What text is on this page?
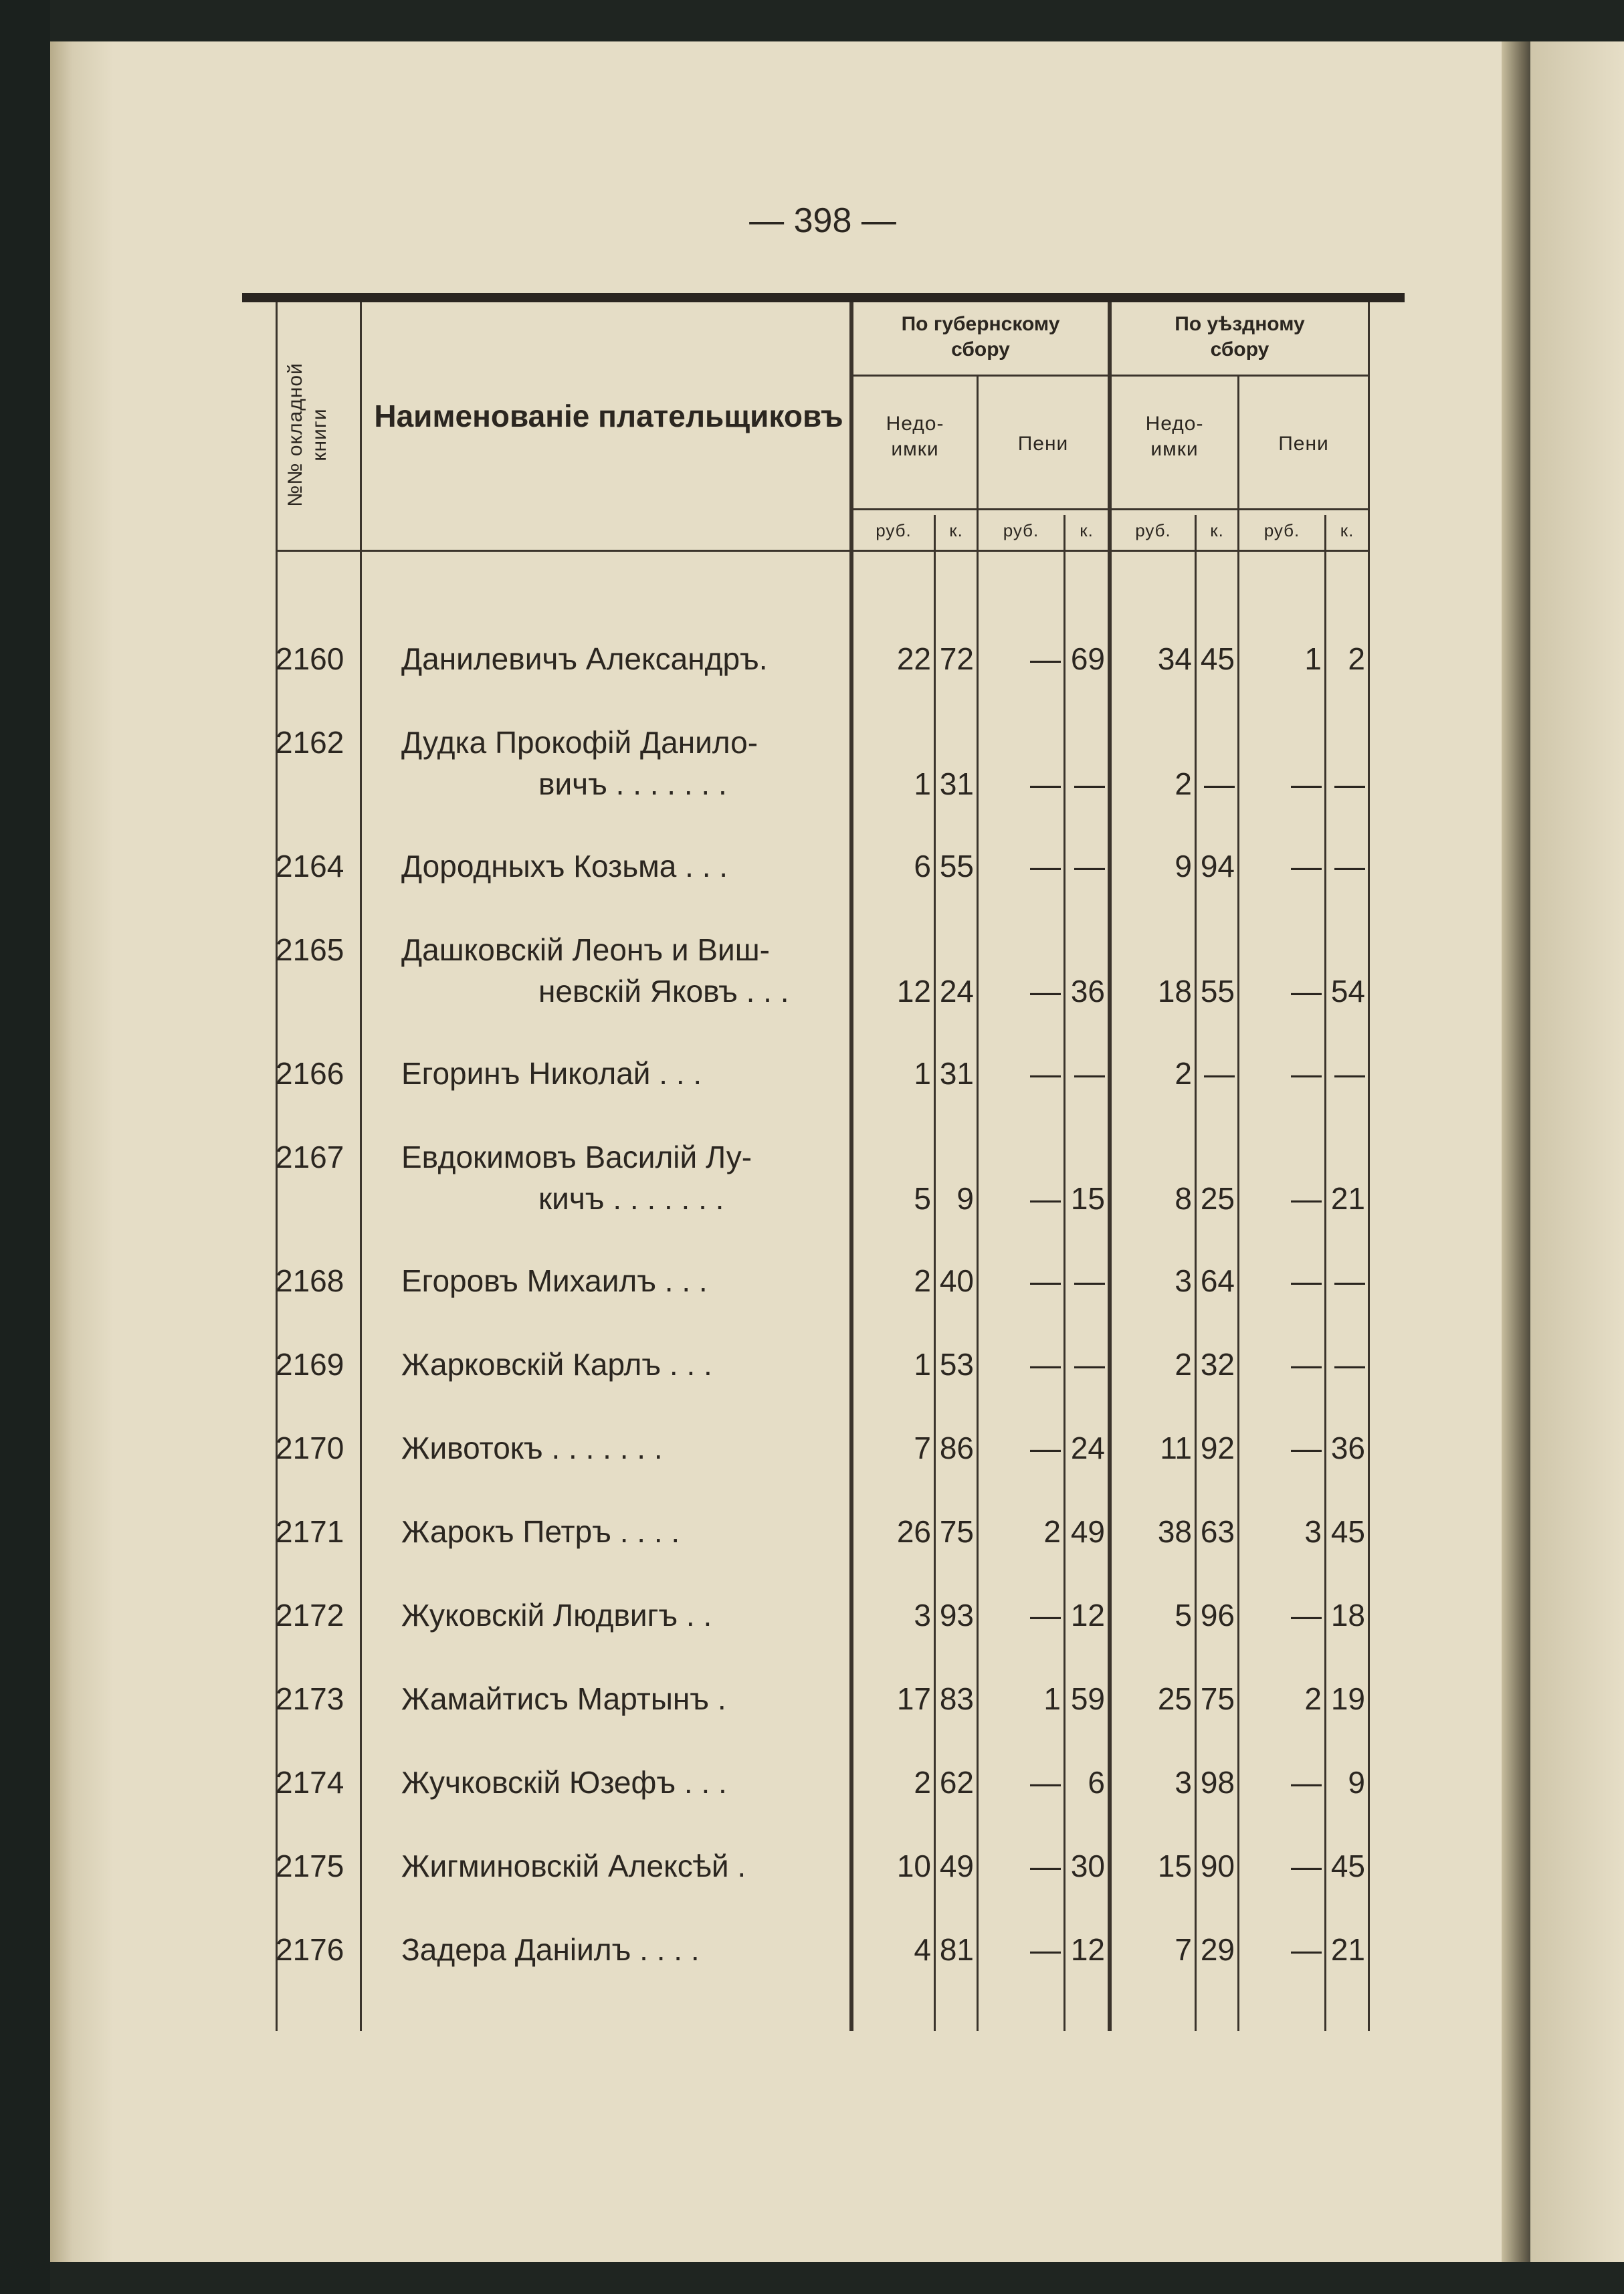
— 398 —
№№ окладной
книги	Наименованіе плательщиковъ
По губернскому
сбору
По уѣздному
сбору
Недо-
имки	Пени
Недо-
имки	Пени
руб.	к.	руб.	к.	руб.	к.	руб.	к.
2160	Данилевичъ Александръ.	22 72	— 69	34 45	1 2
2162	Дудка Прокофій Данило-
вичъ . . . . . . .	1 31	— —	2 —	— —
2164	Дородныхъ Козьма . . .	6 55	— —	9 94	— —
2165	Дашковскій Леонъ и Виш-
невскій Яковъ . . .	12 24	— 36	18 55	— 54
2166	Егоринъ Николай . . .	1 31	— —	2 —	— —
2167	Евдокимовъ Василій Лу-
кичъ . . . . . . .	5 9	— 15	8 25	— 21
2168	Егоровъ Михаилъ . . .	2 40	— —	3 64	— —
2169	Жарковскій Карлъ . . .	1 53	— —	2 32	— —
2170	Животокъ . . . . . . .	7 86	— 24	11 92	— 36
2171	Жарокъ Петръ . . . .	26 75	2 49	38 63	3 45
2172	Жуковскій Людвигъ . .	3 93	— 12	5 96	— 18
2173	Жамайтисъ Мартынъ .	17 83	1 59	25 75	2 19
2174	Жучковскій Юзефъ . . .	2 62	— 6	3 98	— 9
2175	Жигминовскій Алексѣй .	10 49	— 30	15 90	— 45
2176	Задера Даніилъ . . . .	4 81	— 12	7 29	— 21
